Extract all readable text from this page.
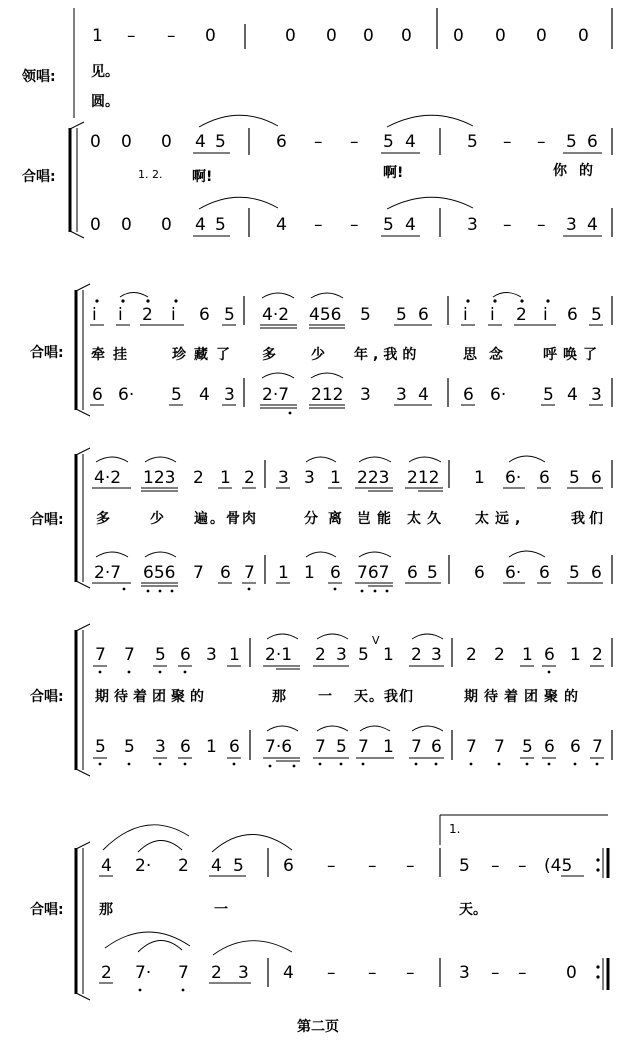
领唱:
1 – – 0	0 0 0 0 0 0 0 0
见。
圆。
合唱:
0 0 0 4 5	6 – – 5 4	5 – – 5 6
1. 2. 啊!	啊!	你的
0 0 0 4 5	4 – – 5 4	3 – – 3 4
合唱:
i i 2 i 6 5 4·2 456 5 5 6 i i 2 i 6 5
牵挂	珍藏了 多	少 年,我的	思念 呼唤了
6 6· 5 4 3 2·7 212 3 3 4 6 6· 5 4 3
合唱:
4·2 123 2 1 2 3 3 1 223 212 1 6· 6 5 6
多	少 遍。骨肉	分离 岂能 太久 太远,	我们
2·7 656 7 6 7 1 1 6 767 6 5 6 6· 6 5 6
合唱:
7 7 5 6 3 1 2·1 2 3 5
V
1 2 3 2 2 1 6 1 2
期待着团聚的	那 一 天。我们	期待着团聚的
5 5 3 6 1 6 7·6 7 5 7 1 7 6 7 7 5 6 6 7
合唱:
1.
4 2· 2 4 5 6 – – –	5 – – (45
那	一	天。
2 7· 7 2 3 4 – – –	3 – – 0
第二页
